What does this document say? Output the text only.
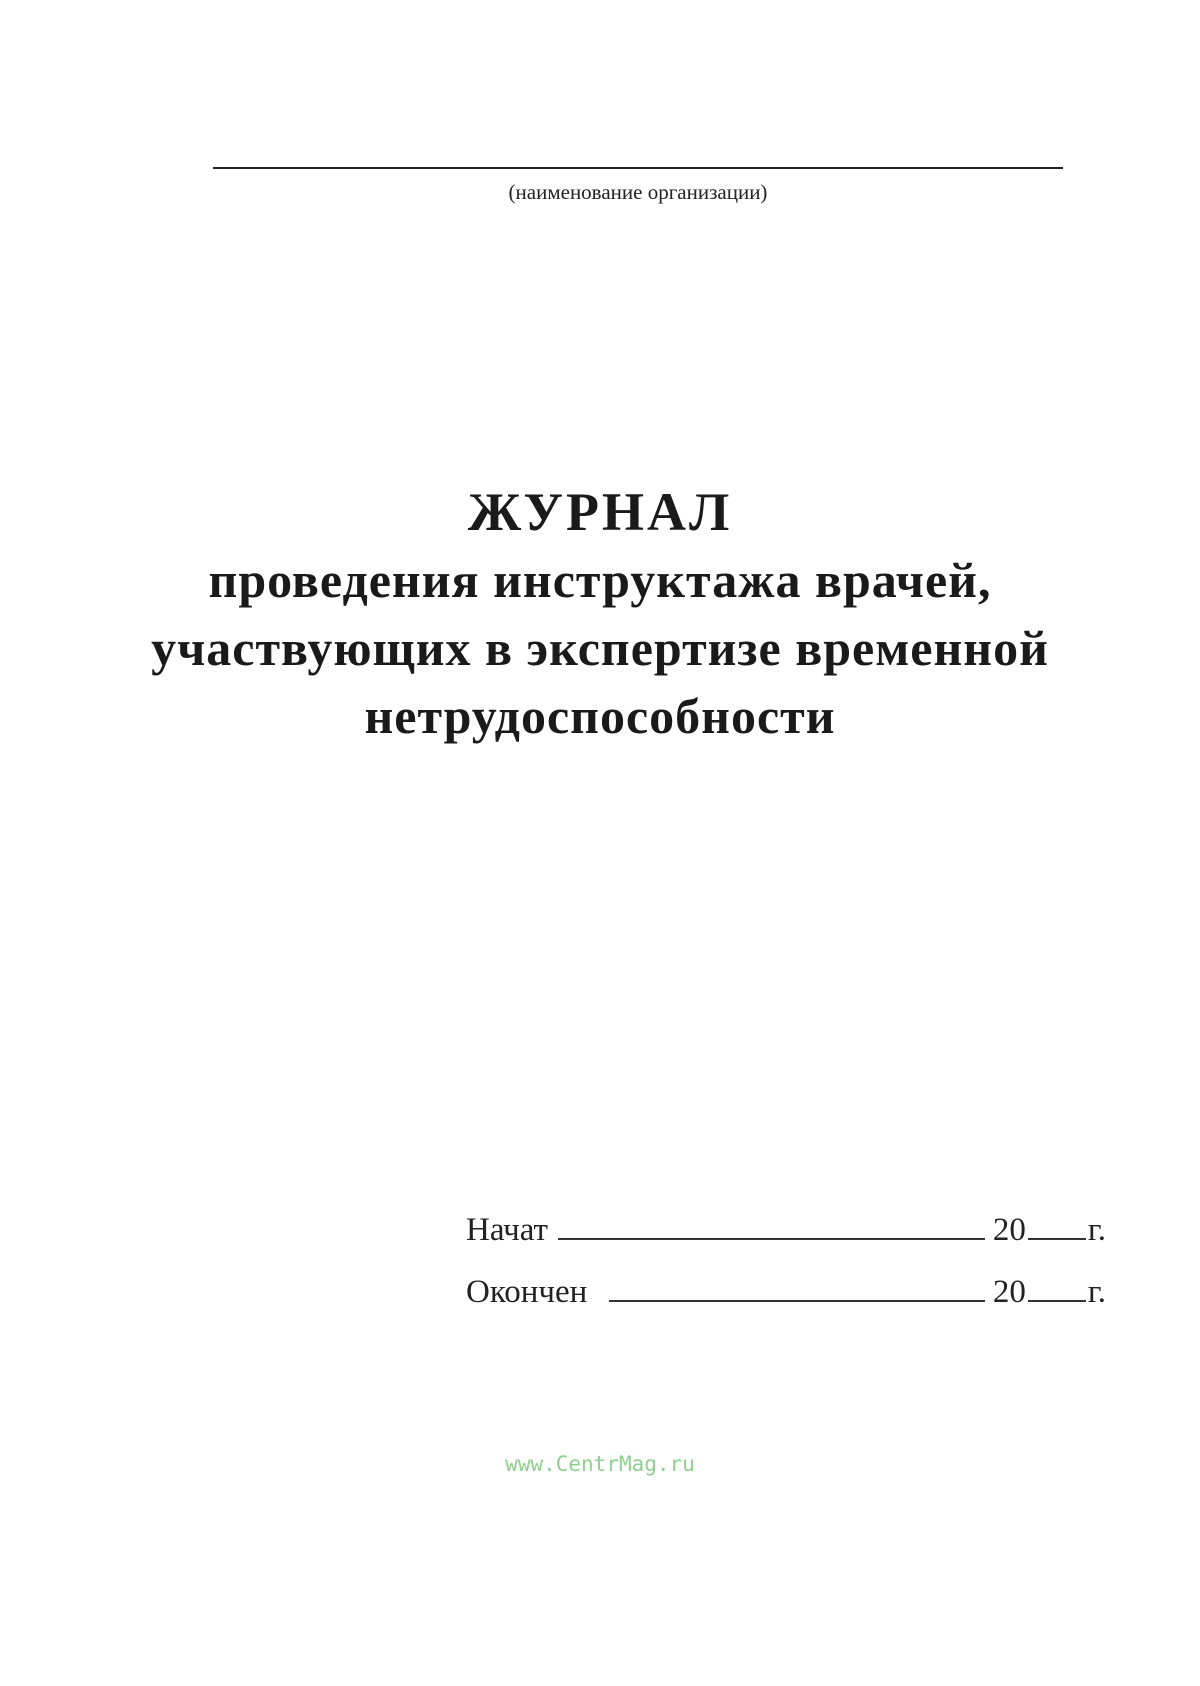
(наименование организации)
ЖУРНАЛ
проведения инструктажа врачей,
участвующих в экспертизе временной
нетрудоспособности
Начат	20 г.
Окончен	20 г.
www.CentrMag.ru
